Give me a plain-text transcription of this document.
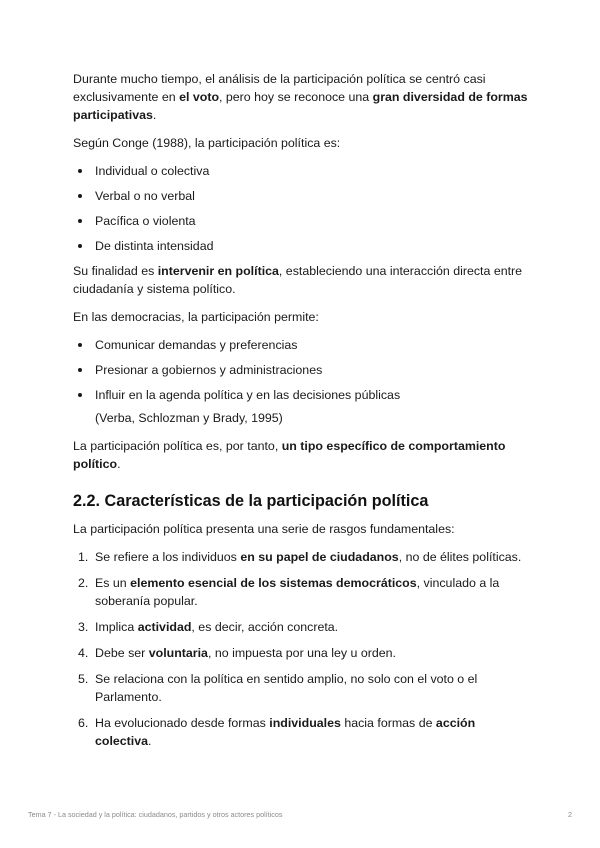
Durante mucho tiempo, el análisis de la participación política se centró casi exclusivamente en el voto, pero hoy se reconoce una gran diversidad de formas participativas.

Según Conge (1988), la participación política es:

Individual o colectiva
Verbal o no verbal
Pacífica o violenta
De distinta intensidad

Su finalidad es intervenir en política, estableciendo una interacción directa entre ciudadanía y sistema político.

En las democracias, la participación permite:

Comunicar demandas y preferencias
Presionar a gobiernos y administraciones
Influir en la agenda política y en las decisiones públicas

(Verba, Schlozman y Brady, 1995)

La participación política es, por tanto, un tipo específico de comportamiento político.

2.2. Características de la participación política

La participación política presenta una serie de rasgos fundamentales:

1. Se refiere a los individuos en su papel de ciudadanos, no de élites políticas.
2. Es un elemento esencial de los sistemas democráticos, vinculado a la soberanía popular.
3. Implica actividad, es decir, acción concreta.
4. Debe ser voluntaria, no impuesta por una ley u orden.
5. Se relaciona con la política en sentido amplio, no solo con el voto o el Parlamento.
6. Ha evolucionado desde formas individuales hacia formas de acción colectiva.
Tema 7 - La sociedad y la política: ciudadanos, partidos y otros actores políticos	2
